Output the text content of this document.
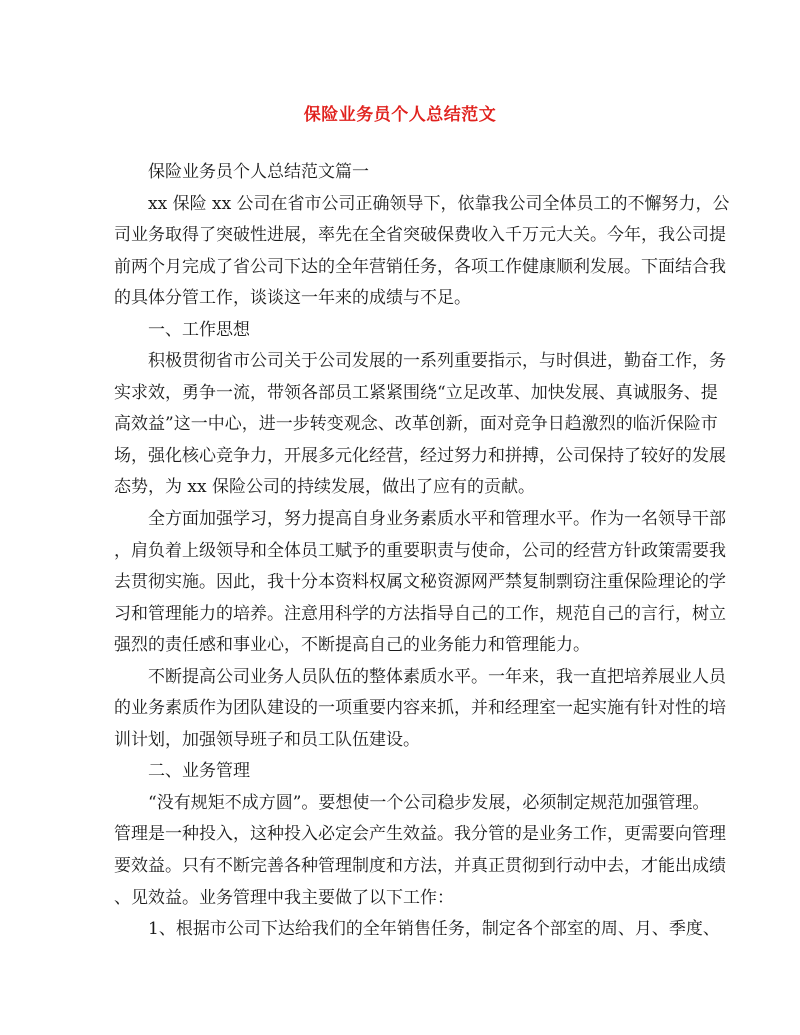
保险业务员个人总结范文
保险业务员个人总结范文篇一
xx 保险 xx 公司在省市公司正确领导下，依靠我公司全体员工的不懈努力，公
司业务取得了突破性进展，率先在全省突破保费收入千万元大关。今年，我公司提
前两个月完成了省公司下达的全年营销任务，各项工作健康顺利发展。下面结合我
的具体分管工作，谈谈这一年来的成绩与不足。
一、工作思想
积极贯彻省市公司关于公司发展的一系列重要指示，与时俱进，勤奋工作，务
实求效，勇争一流，带领各部员工紧紧围绕“立足改革、加快发展、真诚服务、提
高效益”这一中心，进一步转变观念、改革创新，面对竞争日趋激烈的临沂保险市
场，强化核心竞争力，开展多元化经营，经过努力和拼搏，公司保持了较好的发展
态势，为 xx 保险公司的持续发展，做出了应有的贡献。
全方面加强学习，努力提高自身业务素质水平和管理水平。作为一名领导干部
，肩负着上级领导和全体员工赋予的重要职责与使命，公司的经营方针政策需要我
去贯彻实施。因此，我十分本资料权属文秘资源网严禁复制剽窃注重保险理论的学
习和管理能力的培养。注意用科学的方法指导自己的工作，规范自己的言行，树立
强烈的责任感和事业心，不断提高自己的业务能力和管理能力。
不断提高公司业务人员队伍的整体素质水平。一年来，我一直把培养展业人员
的业务素质作为团队建设的一项重要内容来抓，并和经理室一起实施有针对性的培
训计划，加强领导班子和员工队伍建设。
二、业务管理
“没有规矩不成方圆”。要想使一个公司稳步发展，必须制定规范加强管理。
管理是一种投入，这种投入必定会产生效益。我分管的是业务工作，更需要向管理
要效益。只有不断完善各种管理制度和方法，并真正贯彻到行动中去，才能出成绩
、见效益。业务管理中我主要做了以下工作：
1、根据市公司下达给我们的全年销售任务，制定各个部室的周、月、季度、
